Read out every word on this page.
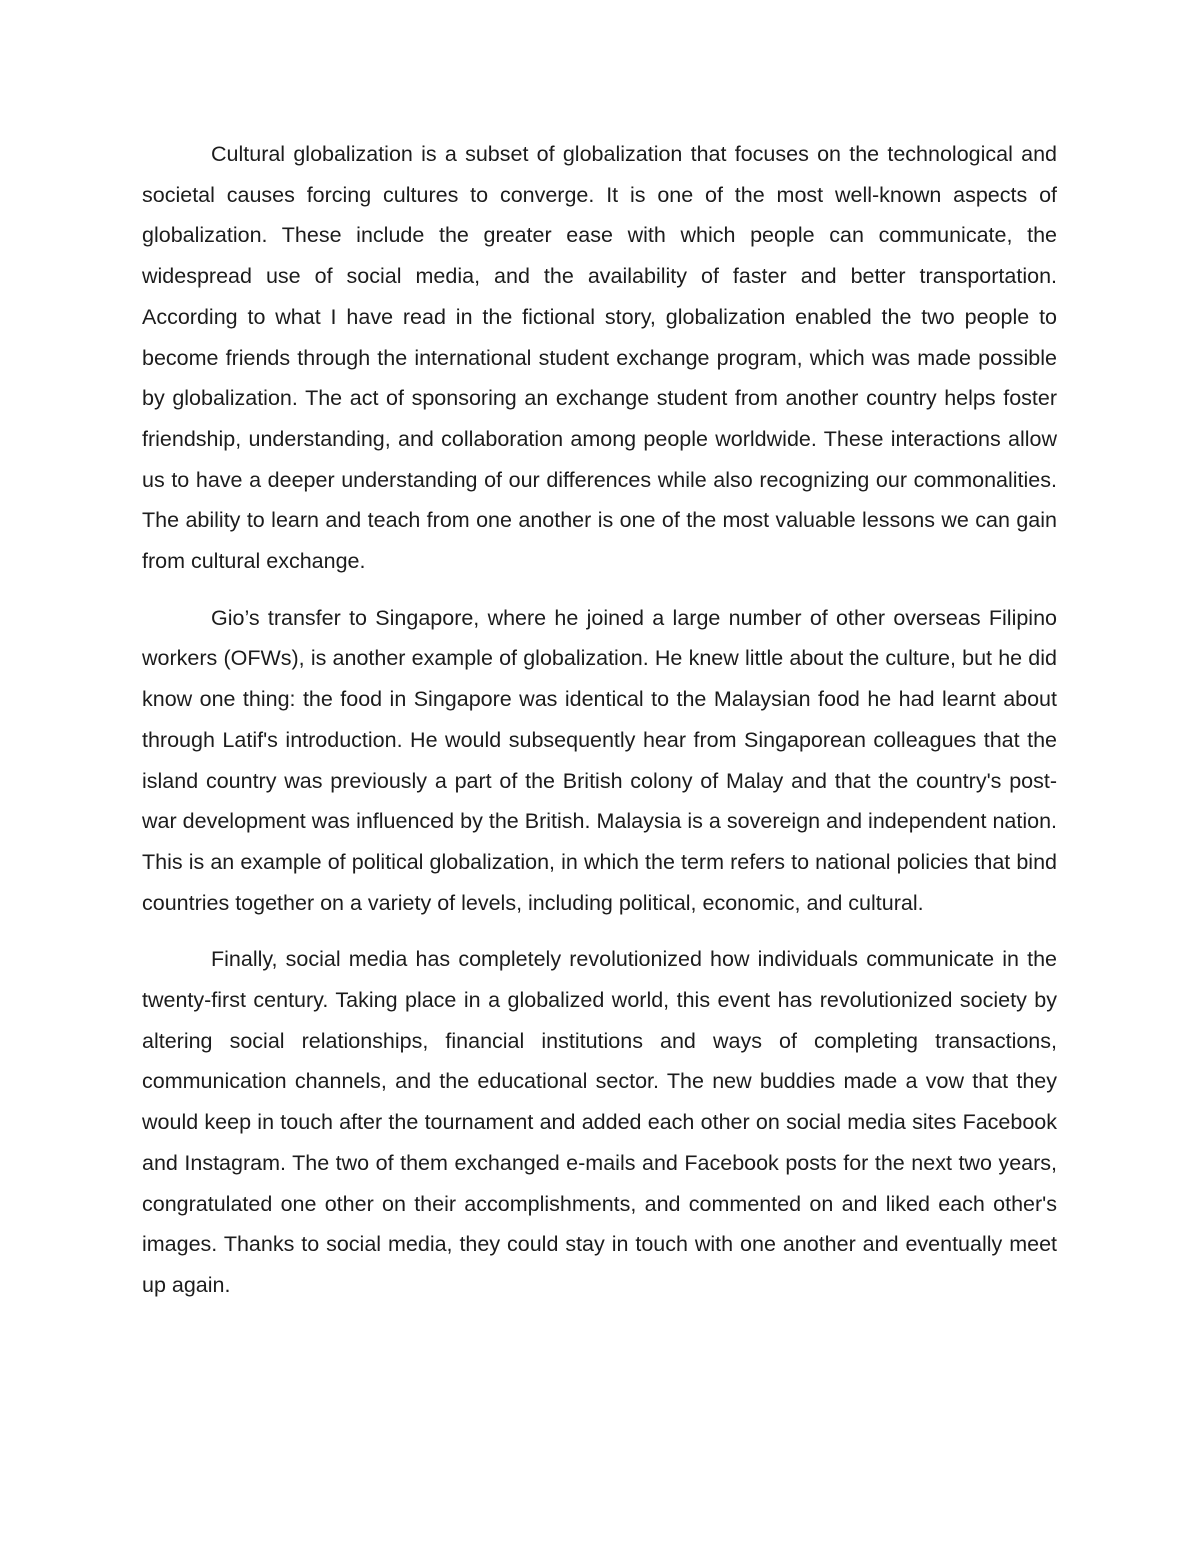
Cultural globalization is a subset of globalization that focuses on the technological and societal causes forcing cultures to converge. It is one of the most well-known aspects of globalization. These include the greater ease with which people can communicate, the widespread use of social media, and the availability of faster and better transportation. According to what I have read in the fictional story, globalization enabled the two people to become friends through the international student exchange program, which was made possible by globalization. The act of sponsoring an exchange student from another country helps foster friendship, understanding, and collaboration among people worldwide. These interactions allow us to have a deeper understanding of our differences while also recognizing our commonalities. The ability to learn and teach from one another is one of the most valuable lessons we can gain from cultural exchange.

Gio’s transfer to Singapore, where he joined a large number of other overseas Filipino workers (OFWs), is another example of globalization. He knew little about the culture, but he did know one thing: the food in Singapore was identical to the Malaysian food he had learnt about through Latif's introduction. He would subsequently hear from Singaporean colleagues that the island country was previously a part of the British colony of Malay and that the country's post-war development was influenced by the British. Malaysia is a sovereign and independent nation. This is an example of political globalization, in which the term refers to national policies that bind countries together on a variety of levels, including political, economic, and cultural.

Finally, social media has completely revolutionized how individuals communicate in the twenty-first century. Taking place in a globalized world, this event has revolutionized society by altering social relationships, financial institutions and ways of completing transactions, communication channels, and the educational sector. The new buddies made a vow that they would keep in touch after the tournament and added each other on social media sites Facebook and Instagram. The two of them exchanged e-mails and Facebook posts for the next two years, congratulated one other on their accomplishments, and commented on and liked each other's images. Thanks to social media, they could stay in touch with one another and eventually meet up again.
